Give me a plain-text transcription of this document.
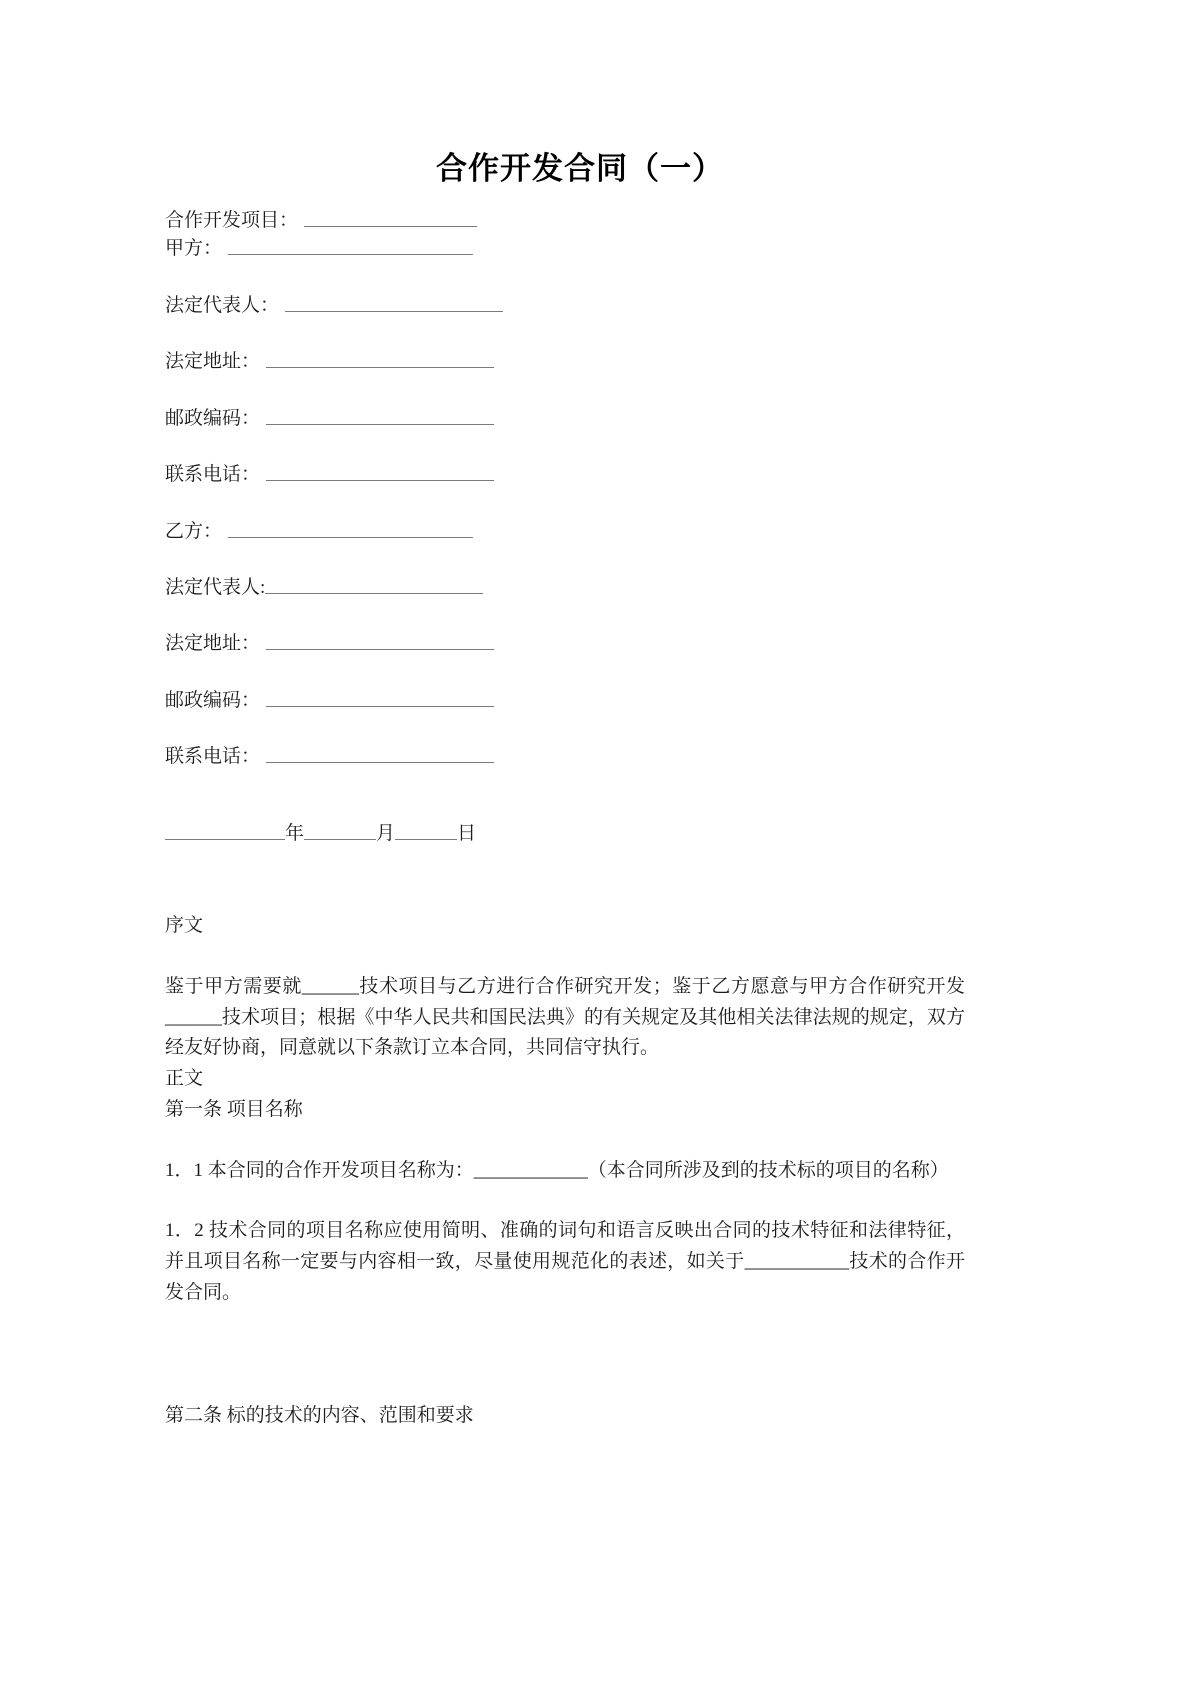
合作开发合同（一）
合作开发项目：
甲方：
法定代表人：
法定地址：
邮政编码：
联系电话：
乙方：
法定代表人:
法定地址：
邮政编码：
联系电话：
年	月	日

序文

鉴于甲方需要就______技术项目与乙方进行合作研究开发；鉴于乙方愿意与甲方合作研究开发______技术项目；根据《中华人民共和国民法典》的有关规定及其他相关法律法规的规定，双方经友好协商，同意就以下条款订立本合同，共同信守执行。

正文

第一条 项目名称

1．1 本合同的合作开发项目名称为：____________（本合同所涉及到的技术标的项目的名称）

1．2 技术合同的项目名称应使用简明、准确的词句和语言反映出合同的技术特征和法律特征，并且项目名称一定要与内容相一致，尽量使用规范化的表述，如关于___________技术的合作开发合同。

第二条 标的技术的内容、范围和要求
